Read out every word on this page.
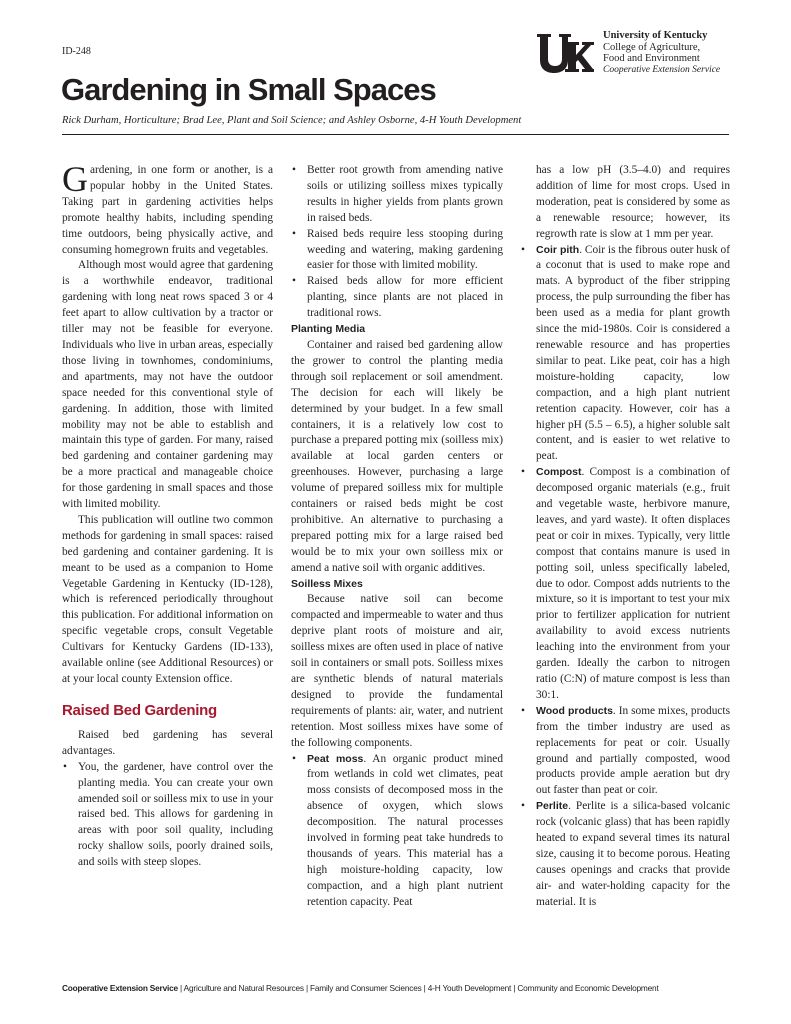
ID-248
Gardening in Small Spaces
Rick Durham, Horticulture; Brad Lee, Plant and Soil Science; and Ashley Osborne, 4-H Youth Development
University of Kentucky
College of Agriculture,
Food and Environment
Cooperative Extension Service

Gardening, in one form or another, is a popular hobby in the United States. Taking part in gardening activities helps promote healthy habits, including spending time outdoors, being physically active, and consuming homegrown fruits and vegetables.

Although most would agree that gardening is a worthwhile endeavor, traditional gardening with long neat rows spaced 3 or 4 feet apart to allow cultivation by a tractor or tiller may not be feasible for everyone. Individuals who live in urban areas, especially those living in townhomes, condominiums, and apartments, may not have the outdoor space needed for this conventional style of gardening. In addition, those with limited mobility may not be able to establish and maintain this type of garden. For many, raised bed gardening and container gardening may be a more practical and manageable choice for those gardening in small spaces and those with limited mobility.

This publication will outline two common methods for gardening in small spaces: raised bed gardening and container gardening. It is meant to be used as a companion to Home Vegetable Gardening in Kentucky (ID-128), which is referenced periodically throughout this publication. For additional information on specific vegetable crops, consult Vegetable Cultivars for Kentucky Gardens (ID-133), available online (see Additional Resources) or at your local county Extension office.

Raised Bed Gardening

Raised bed gardening has several advantages.

• You, the gardener, have control over the planting media. You can create your own amended soil or soilless mix to use in your raised bed. This allows for gardening in areas with poor soil quality, including rocky shallow soils, poorly drained soils, and soils with steep slopes.
• Better root growth from amending native soils or utilizing soilless mixes typically results in higher yields from plants grown in raised beds.
• Raised beds require less stooping during weeding and watering, making gardening easier for those with limited mobility.
• Raised beds allow for more efficient planting, since plants are not placed in traditional rows.
Planting Media

Container and raised bed gardening allow the grower to control the planting media through soil replacement or soil amendment. The decision for each will likely be determined by your budget. In a few small containers, it is a relatively low cost to purchase a prepared potting mix (soilless mix) available at local garden centers or greenhouses. However, purchasing a large volume of prepared soilless mix for multiple containers or raised beds might be cost prohibitive. An alternative to purchasing a prepared potting mix for a large raised bed would be to mix your own soilless mix or amend a native soil with organic additives.

Soilless Mixes

Because native soil can become compacted and impermeable to water and thus deprive plant roots of moisture and air, soilless mixes are often used in place of native soil in containers or small pots. Soilless mixes are synthetic blends of natural materials designed to provide the fundamental requirements of plants: air, water, and nutrient retention. Most soilless mixes have some of the following components.

• Peat moss. An organic product mined from wetlands in cold wet climates, peat moss consists of decomposed moss in the absence of oxygen, which slows decomposition. The natural processes involved in forming peat take hundreds to thousands of years. This material has a high moisture-holding capacity, low compaction, and a high plant nutrient retention capacity. Peat

has a low pH (3.5–4.0) and requires addition of lime for most crops. Used in moderation, peat is considered by some as a renewable resource; however, its regrowth rate is slow at 1 mm per year.

• Coir pith. Coir is the fibrous outer husk of a coconut that is used to make rope and mats. A byproduct of the fiber stripping process, the pulp surrounding the fiber has been used as a media for plant growth since the mid-1980s. Coir is considered a renewable resource and has properties similar to peat. Like peat, coir has a high moisture-holding capacity, low compaction, and a high plant nutrient retention capacity. However, coir has a higher pH (5.5 – 6.5), a higher soluble salt content, and is easier to wet relative to peat.
• Compost. Compost is a combination of decomposed organic materials (e.g., fruit and vegetable waste, herbivore manure, leaves, and yard waste). It often displaces peat or coir in mixes. Typically, very little compost that contains manure is used in potting soil, unless specifically labeled, due to odor. Compost adds nutrients to the mixture, so it is important to test your mix prior to fertilizer application for nutrient availability to avoid excess nutrients leaching into the environment from your garden. Ideally the carbon to nitrogen ratio (C:N) of mature compost is less than 30:1.
• Wood products. In some mixes, products from the timber industry are used as replacements for peat or coir. Usually ground and partially composted, wood products provide ample aeration but dry out faster than peat or coir.
• Perlite. Perlite is a silica-based volcanic rock (volcanic glass) that has been rapidly heated to expand several times its natural size, causing it to become porous. Heating causes openings and cracks that provide air- and water-holding capacity for the material. It is
Cooperative Extension Service | Agriculture and Natural Resources | Family and Consumer Sciences | 4-H Youth Development | Community and Economic Development
